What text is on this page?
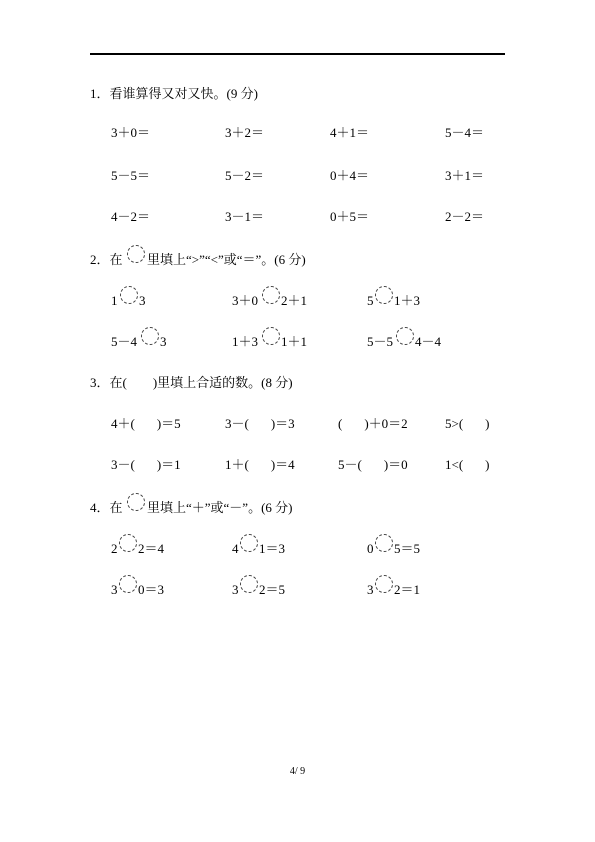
1．看谁算得又对又快。(9 分)
3＋0＝	3＋2＝	4＋1＝	5－4＝
5－5＝	5－2＝	0＋4＝	3＋1＝
4－2＝	3－1＝	0＋5＝	2－2＝
2．在 里填上“>”“<”或“＝”。(6 分)
1 3	3＋0 2＋1	5 1＋3
5－4 3	1＋3 1＋1	5－5 4－4
3．在(　　)里填上合适的数。(8 分)
4＋( )＝5	3－( )＝3	( )＋0＝2	5>( )
3－( )＝1	1＋( )＝4	5－( )＝0	1<( )
4．在 里填上“＋”或“－”。(6 分)
2 2＝4	4 1＝3	0 5＝5
3 0＝3	3 2＝5	3 2＝1
4/ 9
